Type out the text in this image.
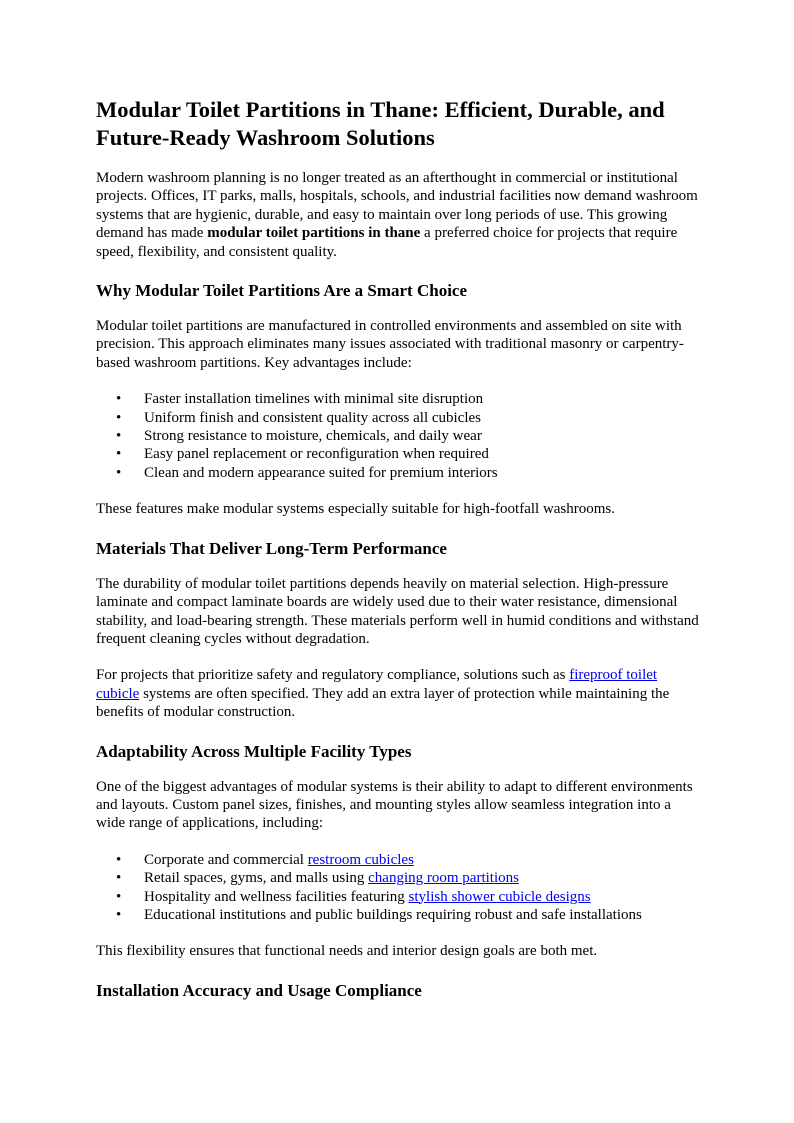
Modular Toilet Partitions in Thane: Efficient, Durable, and Future-Ready Washroom Solutions

Modern washroom planning is no longer treated as an afterthought in commercial or institutional projects. Offices, IT parks, malls, hospitals, schools, and industrial facilities now demand washroom systems that are hygienic, durable, and easy to maintain over long periods of use. This growing demand has made modular toilet partitions in thane a preferred choice for projects that require speed, flexibility, and consistent quality.

Why Modular Toilet Partitions Are a Smart Choice

Modular toilet partitions are manufactured in controlled environments and assembled on site with precision. This approach eliminates many issues associated with traditional masonry or carpentry-based washroom partitions. Key advantages include:

• Faster installation timelines with minimal site disruption
• Uniform finish and consistent quality across all cubicles
• Strong resistance to moisture, chemicals, and daily wear
• Easy panel replacement or reconfiguration when required
• Clean and modern appearance suited for premium interiors

These features make modular systems especially suitable for high-footfall washrooms.

Materials That Deliver Long-Term Performance

The durability of modular toilet partitions depends heavily on material selection. High-pressure laminate and compact laminate boards are widely used due to their water resistance, dimensional stability, and load-bearing strength. These materials perform well in humid conditions and withstand frequent cleaning cycles without degradation.

For projects that prioritize safety and regulatory compliance, solutions such as fireproof toilet cubicle systems are often specified. They add an extra layer of protection while maintaining the benefits of modular construction.

Adaptability Across Multiple Facility Types

One of the biggest advantages of modular systems is their ability to adapt to different environments and layouts. Custom panel sizes, finishes, and mounting styles allow seamless integration into a wide range of applications, including:

• Corporate and commercial restroom cubicles
• Retail spaces, gyms, and malls using changing room partitions
• Hospitality and wellness facilities featuring stylish shower cubicle designs
• Educational institutions and public buildings requiring robust and safe installations

This flexibility ensures that functional needs and interior design goals are both met.

Installation Accuracy and Usage Compliance
